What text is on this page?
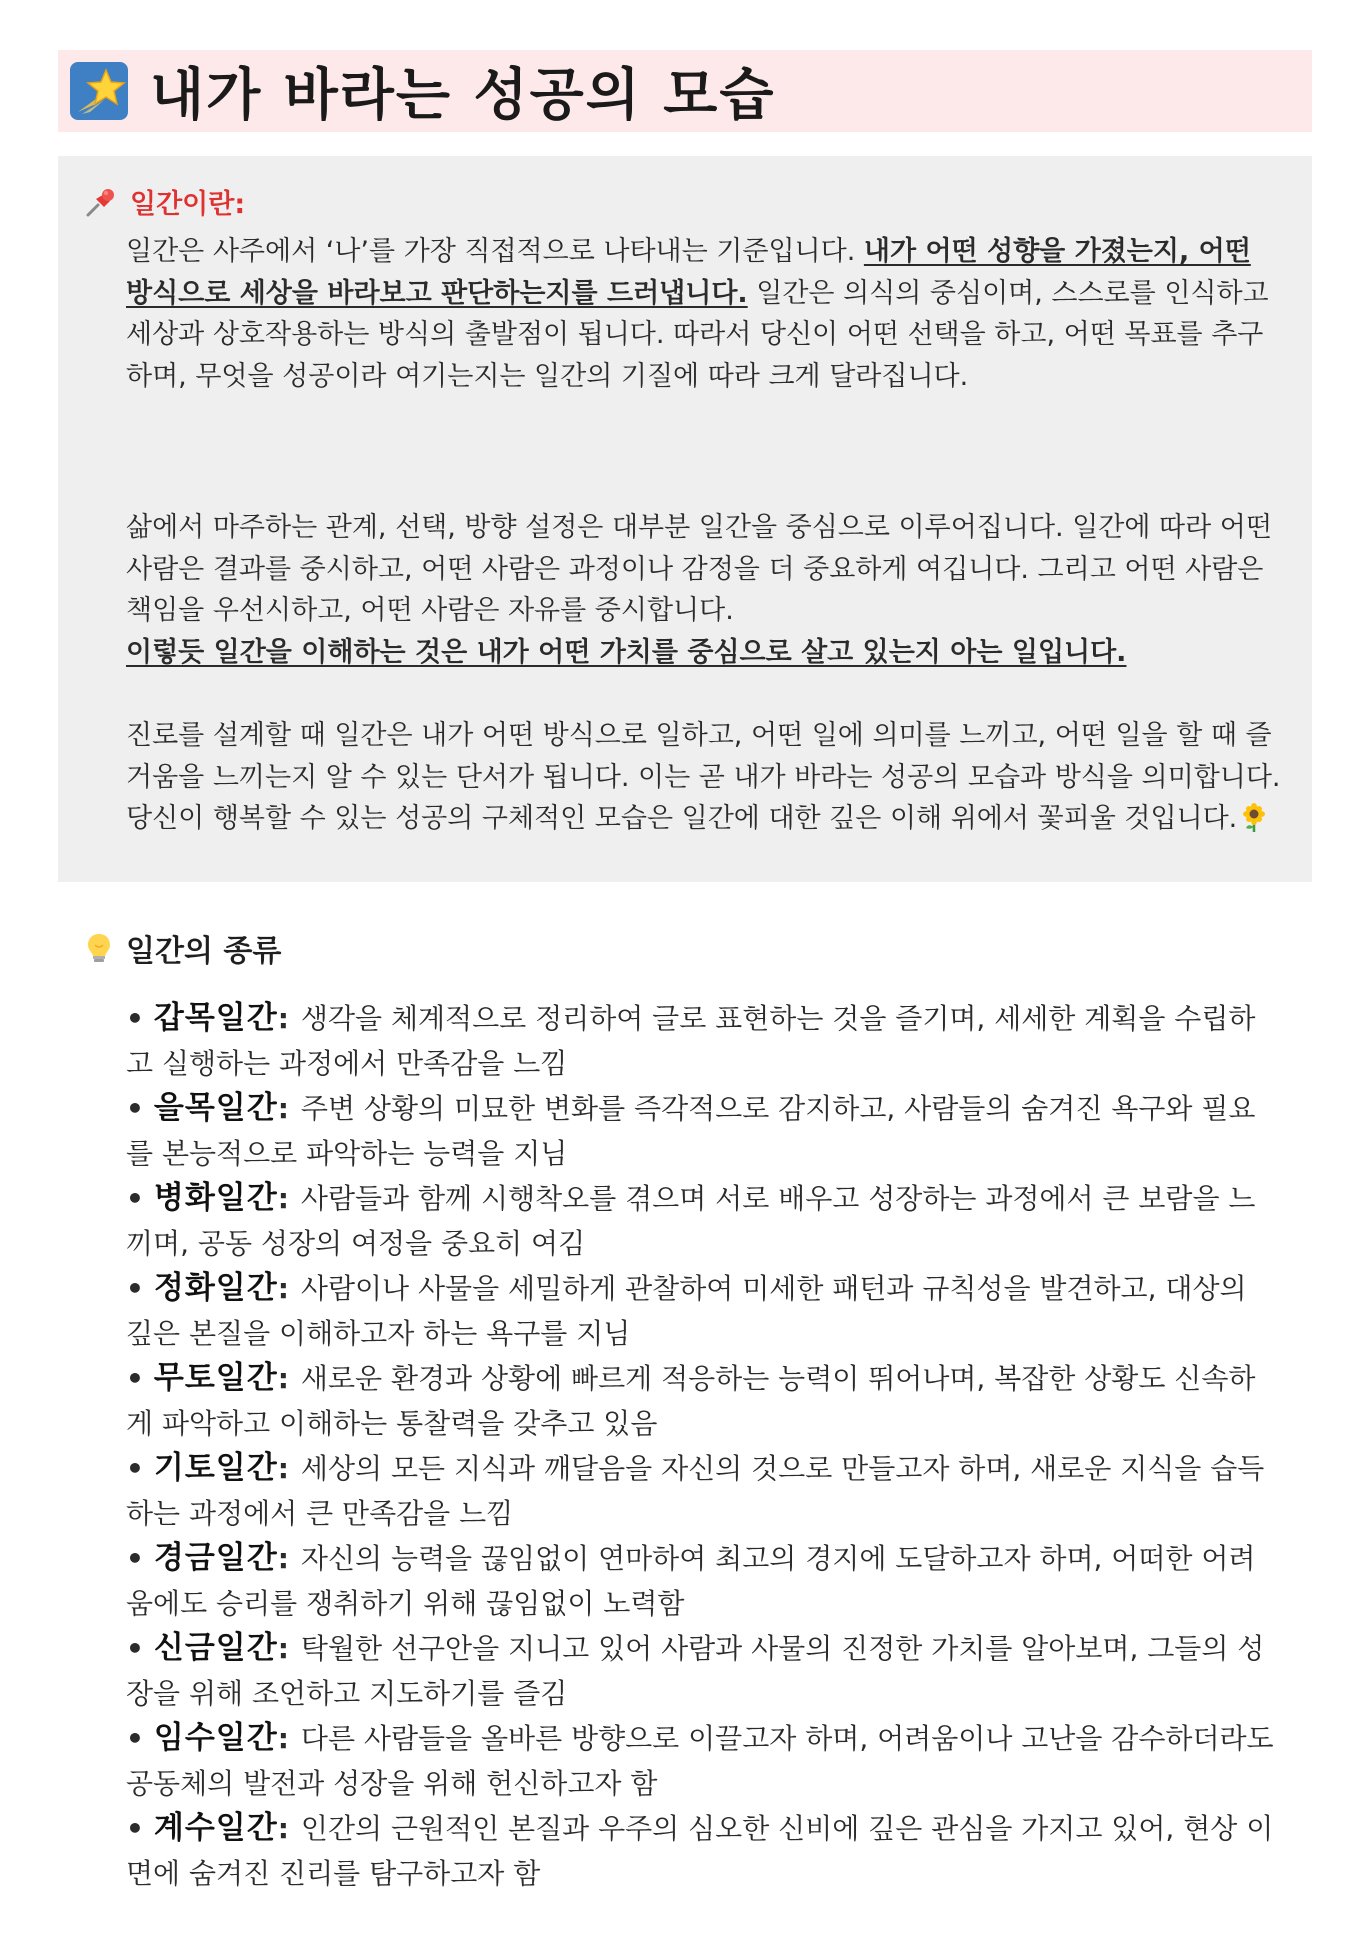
내가 바라는 성공의 모습
일간이란:

일간은 사주에서 ‘나’를 가장 직접적으로 나타내는 기준입니다. 내가 어떤 성향을 가졌는지, 어떤 방식으로 세상을 바라보고 판단하는지를 드러냅니다. 일간은 의식의 중심이며, 스스로를 인식하고 세상과 상호작용하는 방식의 출발점이 됩니다. 따라서 당신이 어떤 선택을 하고, 어떤 목표를 추구하며, 무엇을 성공이라 여기는지는 일간의 기질에 따라 크게 달라집니다.

삶에서 마주하는 관계, 선택, 방향 설정은 대부분 일간을 중심으로 이루어집니다. 일간에 따라 어떤 사람은 결과를 중시하고, 어떤 사람은 과정이나 감정을 더 중요하게 여깁니다. 그리고 어떤 사람은 책임을 우선시하고, 어떤 사람은 자유를 중시합니다.
이렇듯 일간을 이해하는 것은 내가 어떤 가치를 중심으로 살고 있는지 아는 일입니다.

진로를 설계할 때 일간은 내가 어떤 방식으로 일하고, 어떤 일에 의미를 느끼고, 어떤 일을 할 때 즐거움을 느끼는지 알 수 있는 단서가 됩니다. 이는 곧 내가 바라는 성공의 모습과 방식을 의미합니다. 당신이 행복할 수 있는 성공의 구체적인 모습은 일간에 대한 깊은 이해 위에서 꽃피울 것입니다.

일간의 종류
• 갑목일간: 생각을 체계적으로 정리하여 글로 표현하는 것을 즐기며, 세세한 계획을 수립하고 실행하는 과정에서 만족감을 느낌
• 을목일간: 주변 상황의 미묘한 변화를 즉각적으로 감지하고, 사람들의 숨겨진 욕구와 필요를 본능적으로 파악하는 능력을 지님
• 병화일간: 사람들과 함께 시행착오를 겪으며 서로 배우고 성장하는 과정에서 큰 보람을 느끼며, 공동 성장의 여정을 중요히 여김
• 정화일간: 사람이나 사물을 세밀하게 관찰하여 미세한 패턴과 규칙성을 발견하고, 대상의 깊은 본질을 이해하고자 하는 욕구를 지님
• 무토일간: 새로운 환경과 상황에 빠르게 적응하는 능력이 뛰어나며, 복잡한 상황도 신속하게 파악하고 이해하는 통찰력을 갖추고 있음
• 기토일간: 세상의 모든 지식과 깨달음을 자신의 것으로 만들고자 하며, 새로운 지식을 습득하는 과정에서 큰 만족감을 느낌
• 경금일간: 자신의 능력을 끊임없이 연마하여 최고의 경지에 도달하고자 하며, 어떠한 어려움에도 승리를 쟁취하기 위해 끊임없이 노력함
• 신금일간: 탁월한 선구안을 지니고 있어 사람과 사물의 진정한 가치를 알아보며, 그들의 성장을 위해 조언하고 지도하기를 즐김
• 임수일간: 다른 사람들을 올바른 방향으로 이끌고자 하며, 어려움이나 고난을 감수하더라도 공동체의 발전과 성장을 위해 헌신하고자 함
• 계수일간: 인간의 근원적인 본질과 우주의 심오한 신비에 깊은 관심을 가지고 있어, 현상 이면에 숨겨진 진리를 탐구하고자 함
